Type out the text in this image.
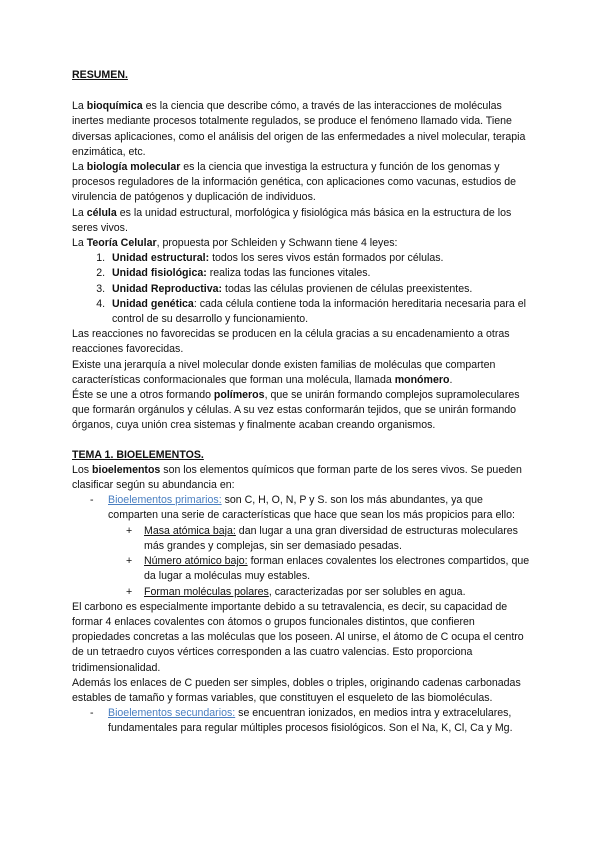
RESUMEN.

La bioquímica es la ciencia que describe cómo, a través de las interacciones de moléculas inertes mediante procesos totalmente regulados, se produce el fenómeno llamado vida. Tiene diversas aplicaciones, como el análisis del origen de las enfermedades a nivel molecular, terapia enzimática, etc.

La biología molecular es la ciencia que investiga la estructura y función de los genomas y procesos reguladores de la información genética, con aplicaciones como vacunas, estudios de virulencia de patógenos y duplicación de individuos.

La célula es la unidad estructural, morfológica y fisiológica más básica en la estructura de los seres vivos.

La Teoría Celular, propuesta por Schleiden y Schwann tiene 4 leyes:

1. Unidad estructural: todos los seres vivos están formados por células.
2. Unidad fisiológica: realiza todas las funciones vitales.
3. Unidad Reproductiva: todas las células provienen de células preexistentes.
4. Unidad genética: cada célula contiene toda la información hereditaria necesaria para el control de su desarrollo y funcionamiento.

Las reacciones no favorecidas se producen en la célula gracias a su encadenamiento a otras reacciones favorecidas.

Existe una jerarquía a nivel molecular donde existen familias de moléculas que comparten características conformacionales que forman una molécula, llamada monómero.

Éste se une a otros formando polímeros, que se unirán formando complejos supramoleculares que formarán orgánulos y células. A su vez estas conformarán tejidos, que se unirán formando órganos, cuya unión crea sistemas y finalmente acaban creando organismos.

TEMA 1. BIOELEMENTOS.

Los bioelementos son los elementos químicos que forman parte de los seres vivos. Se pueden clasificar según su abundancia en:

- Bioelementos primarios: son C, H, O, N, P y S. son los más abundantes, ya que comparten una serie de características que hace que sean los más propicios para ello:
+ Masa atómica baja: dan lugar a una gran diversidad de estructuras moleculares más grandes y complejas, sin ser demasiado pesadas.
+ Número atómico bajo: forman enlaces covalentes los electrones compartidos, que da lugar a moléculas muy estables.
+ Forman moléculas polares, caracterizadas por ser solubles en agua.

El carbono es especialmente importante debido a su tetravalencia, es decir, su capacidad de formar 4 enlaces covalentes con átomos o grupos funcionales distintos, que confieren propiedades concretas a las moléculas que los poseen. Al unirse, el átomo de C ocupa el centro de un tetraedro cuyos vértices corresponden a las cuatro valencias. Esto proporciona tridimensionalidad.

Además los enlaces de C pueden ser simples, dobles o triples, originando cadenas carbonadas estables de tamaño y formas variables, que constituyen el esqueleto de las biomoléculas.

- Bioelementos secundarios: se encuentran ionizados, en medios intra y extracelulares, fundamentales para regular múltiples procesos fisiológicos. Son el Na, K, Cl, Ca y Mg.
